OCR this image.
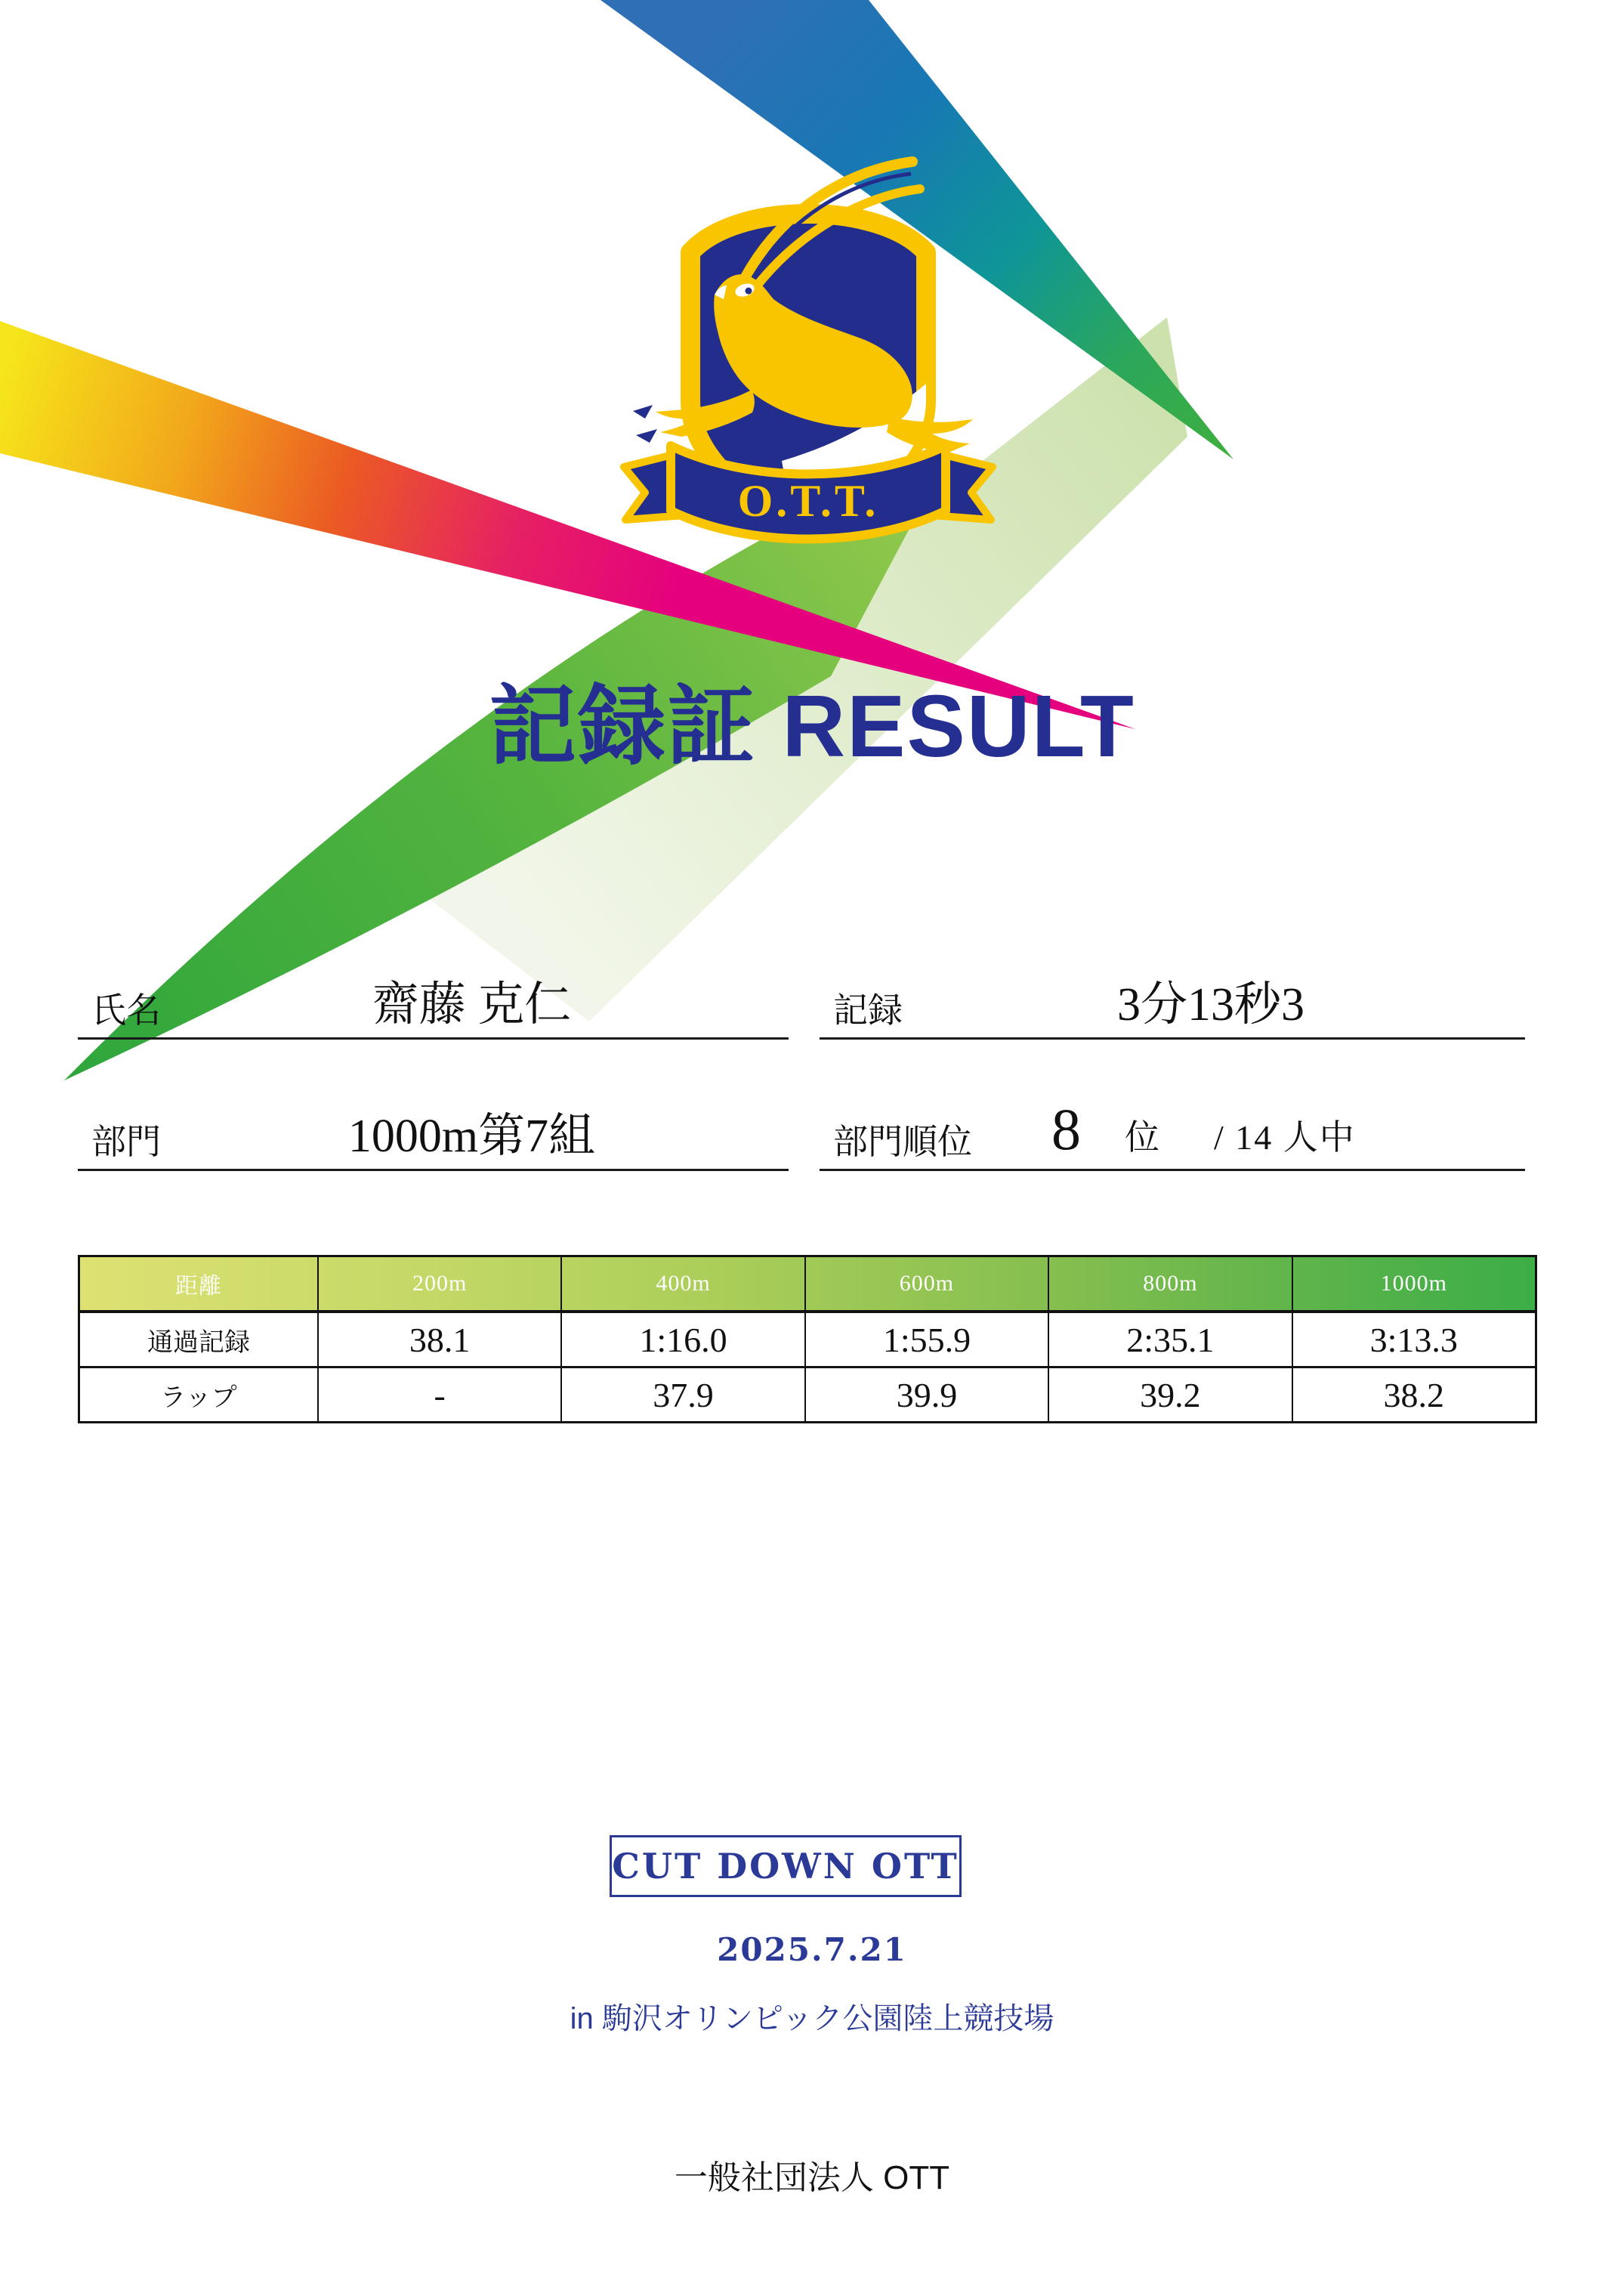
O.T.T.
記録証 RESULT
氏名	齋藤 克仁	記録	3分13秒3
部門	1000m第7組	部門順位 8 位 / 14 人中
距離	200m	400m	600m	800m	1000m
通過記録	38.1	1:16.0	1:55.9	2:35.1	3:13.3
ラップ	-	37.9	39.9	39.2	38.2
CUT DOWN OTT
2025.7.21
in 駒沢オリンピック公園陸上競技場
一般社団法人 OTT
